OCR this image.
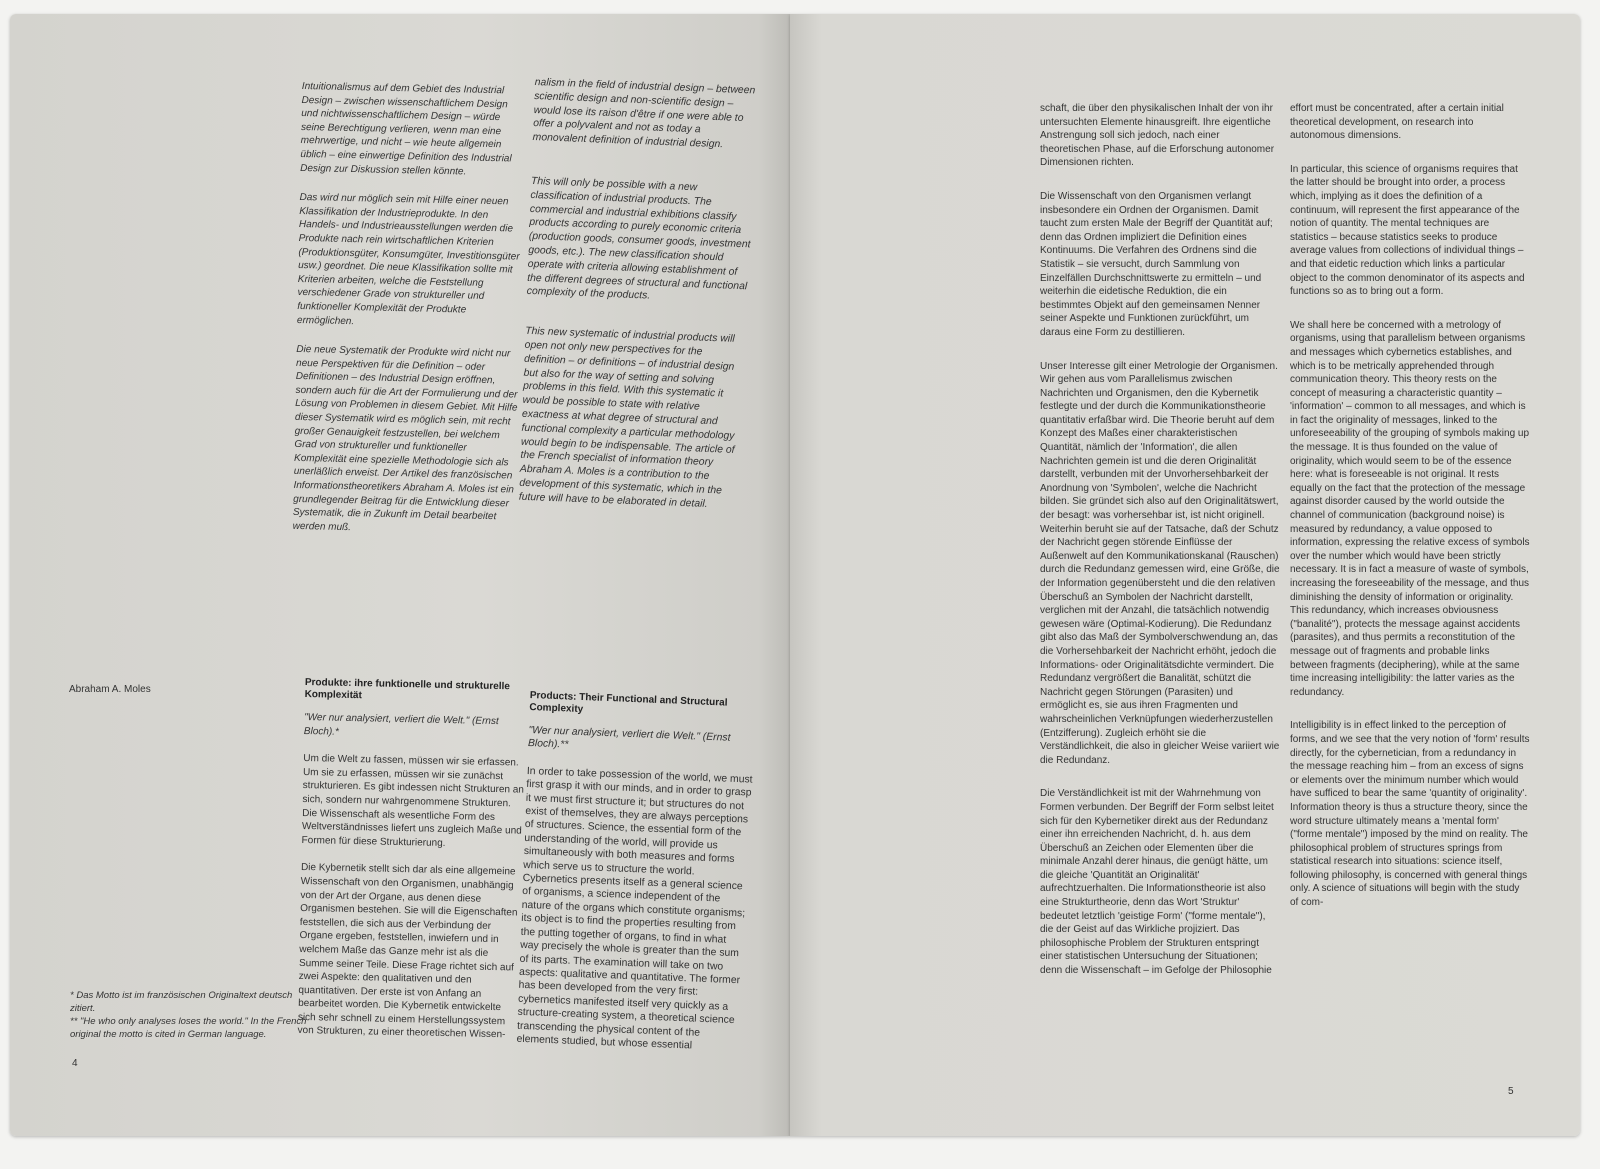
Intuitionalismus auf dem Gebiet des Industrial Design – zwischen wissenschaftlichem Design und nichtwissenschaftlichem Design – würde seine Berechtigung verlieren, wenn man eine mehrwertige, und nicht – wie heute allgemein üblich – eine einwertige Definition des Industrial Design zur Diskussion stellen könnte.

Das wird nur möglich sein mit Hilfe einer neuen Klassifikation der Industrieprodukte. In den Handels- und Industrieausstellungen werden die Produkte nach rein wirtschaftlichen Kriterien (Produktionsgüter, Konsumgüter, Investitionsgüter usw.) geordnet. Die neue Klassifikation sollte mit Kriterien arbeiten, welche die Feststellung verschiedener Grade von struktureller und funktioneller Komplexität der Produkte ermöglichen.

Die neue Systematik der Produkte wird nicht nur neue Perspektiven für die Definition – oder Definitionen – des Industrial Design eröffnen, sondern auch für die Art der Formulierung und der Lösung von Problemen in diesem Gebiet. Mit Hilfe dieser Systematik wird es möglich sein, mit recht großer Genauigkeit festzustellen, bei welchem Grad von struktureller und funktioneller Komplexität eine spezielle Methodologie sich als unerläßlich erweist. Der Artikel des französischen Informationstheoretikers Abraham A. Moles ist ein grundlegender Beitrag für die Entwicklung dieser Systematik, die in Zukunft im Detail bearbeitet werden muß.

nalism in the field of industrial design – between scientific design and non-scientific design – would lose its raison d'être if one were able to offer a polyvalent and not as today a monovalent definition of industrial design.

This will only be possible with a new classification of industrial products. The commercial and industrial exhibitions classify products according to purely economic criteria (production goods, consumer goods, investment goods, etc.). The new classification should operate with criteria allowing establishment of the different degrees of structural and functional complexity of the products.

This new systematic of industrial products will open not only new perspectives for the definition – or definitions – of industrial design but also for the way of setting and solving problems in this field. With this systematic it would be possible to state with relative exactness at what degree of structural and functional complexity a particular methodology would begin to be indispensable. The article of the French specialist of information theory Abraham A. Moles is a contribution to the development of this systematic, which in the future will have to be elaborated in detail.

Abraham A. Moles	Produkte: ihre funktionelle und strukturelle Komplexität

"Wer nur analysiert, verliert die Welt." (Ernst Bloch).*

Um die Welt zu fassen, müssen wir sie erfassen. Um sie zu erfassen, müssen wir sie zunächst strukturieren. Es gibt indessen nicht Strukturen an sich, sondern nur wahrgenommene Strukturen. Die Wissenschaft als wesentliche Form des Weltverständnisses liefert uns zugleich Maße und Formen für diese Strukturierung.

Die Kybernetik stellt sich dar als eine allgemeine Wissenschaft von den Organismen, unabhängig von der Art der Organe, aus denen diese Organismen bestehen. Sie will die Eigenschaften feststellen, die sich aus der Verbindung der Organe ergeben, feststellen, inwiefern und in welchem Maße das Ganze mehr ist als die Summe seiner Teile. Diese Frage richtet sich auf zwei Aspekte: den qualitativen und den quantitativen. Der erste ist von Anfang an bearbeitet worden. Die Kybernetik entwickelte sich sehr schnell zu einem Herstellungssystem von Strukturen, zu einer theoretischen Wissen-

Products: Their Functional and Structural Complexity

"Wer nur analysiert, verliert die Welt." (Ernst Bloch).**

In order to take possession of the world, we must first grasp it with our minds, and in order to grasp it we must first structure it; but structures do not exist of themselves, they are always perceptions of structures. Science, the essential form of the understanding of the world, will provide us simultaneously with both measures and forms which serve us to structure the world.

Cybernetics presents itself as a general science of organisms, a science independent of the nature of the organs which constitute organisms; its object is to find the properties resulting from the putting together of organs, to find in what way precisely the whole is greater than the sum of its parts. The examination will take on two aspects: qualitative and quantitative. The former has been developed from the very first: cybernetics manifested itself very quickly as a structure-creating system, a theoretical science transcending the physical content of the elements studied, but whose essential

* Das Motto ist im französischen Originaltext deutsch zitiert.
** "He who only analyses loses the world." In the French original the motto is cited in German language.
4

schaft, die über den physikalischen Inhalt der von ihr untersuchten Elemente hinausgreift. Ihre eigentliche Anstrengung soll sich jedoch, nach einer theoretischen Phase, auf die Erforschung autonomer Dimensionen richten.

Die Wissenschaft von den Organismen verlangt insbesondere ein Ordnen der Organismen. Damit taucht zum ersten Male der Begriff der Quantität auf; denn das Ordnen impliziert die Definition eines Kontinuums. Die Verfahren des Ordnens sind die Statistik – sie versucht, durch Sammlung von Einzelfällen Durchschnittswerte zu ermitteln – und weiterhin die eidetische Reduktion, die ein bestimmtes Objekt auf den gemeinsamen Nenner seiner Aspekte und Funktionen zurückführt, um daraus eine Form zu destillieren.

Unser Interesse gilt einer Metrologie der Organismen. Wir gehen aus vom Parallelismus zwischen Nachrichten und Organismen, den die Kybernetik festlegte und der durch die Kommunikationstheorie quantitativ erfaßbar wird. Die Theorie beruht auf dem Konzept des Maßes einer charakteristischen Quantität, nämlich der 'Information', die allen Nachrichten gemein ist und die deren Originalität darstellt, verbunden mit der Unvorhersehbarkeit der Anordnung von 'Symbolen', welche die Nachricht bilden. Sie gründet sich also auf den Originalitätswert, der besagt: was vorhersehbar ist, ist nicht originell. Weiterhin beruht sie auf der Tatsache, daß der Schutz der Nachricht gegen störende Einflüsse der Außenwelt auf den Kommunikationskanal (Rauschen) durch die Redundanz gemessen wird, eine Größe, die der Information gegenübersteht und die den relativen Überschuß an Symbolen der Nachricht darstellt, verglichen mit der Anzahl, die tatsächlich notwendig gewesen wäre (Optimal-Kodierung). Die Redundanz gibt also das Maß der Symbolverschwendung an, das die Vorhersehbarkeit der Nachricht erhöht, jedoch die Informations- oder Originalitätsdichte vermindert. Die Redundanz vergrößert die Banalität, schützt die Nachricht gegen Störungen (Parasiten) und ermöglicht es, sie aus ihren Fragmenten und wahrscheinlichen Verknüpfungen wiederherzustellen (Entzifferung). Zugleich erhöht sie die Verständlichkeit, die also in gleicher Weise variiert wie die Redundanz.

Die Verständlichkeit ist mit der Wahrnehmung von Formen verbunden. Der Begriff der Form selbst leitet sich für den Kybernetiker direkt aus der Redundanz einer ihn erreichenden Nachricht, d. h. aus dem Überschuß an Zeichen oder Elementen über die minimale Anzahl derer hinaus, die genügt hätte, um die gleiche 'Quantität an Originalität' aufrechtzuerhalten. Die Informationstheorie ist also eine Strukturtheorie, denn das Wort 'Struktur' bedeutet letztlich 'geistige Form' ("forme mentale"), die der Geist auf das Wirkliche projiziert. Das philosophische Problem der Strukturen entspringt einer statistischen Untersuchung der Situationen; denn die Wissenschaft – im Gefolge der Philosophie

effort must be concentrated, after a certain initial theoretical development, on research into autonomous dimensions.

In particular, this science of organisms requires that the latter should be brought into order, a process which, implying as it does the definition of a continuum, will represent the first appearance of the notion of quantity. The mental techniques are statistics – because statistics seeks to produce average values from collections of individual things – and that eidetic reduction which links a particular object to the common denominator of its aspects and functions so as to bring out a form.

We shall here be concerned with a metrology of organisms, using that parallelism between organisms and messages which cybernetics establishes, and which is to be metrically apprehended through communication theory. This theory rests on the concept of measuring a characteristic quantity – 'information' – common to all messages, and which is in fact the originality of messages, linked to the unforeseeability of the grouping of symbols making up the message. It is thus founded on the value of originality, which would seem to be of the essence here: what is foreseeable is not original. It rests equally on the fact that the protection of the message against disorder caused by the world outside the channel of communication (background noise) is measured by redundancy, a value opposed to information, expressing the relative excess of symbols over the number which would have been strictly necessary. It is in fact a measure of waste of symbols, increasing the foreseeability of the message, and thus diminishing the density of information or originality. This redundancy, which increases obviousness ("banalité"), protects the message against accidents (parasites), and thus permits a reconstitution of the message out of fragments and probable links between fragments (deciphering), while at the same time increasing intelligibility: the latter varies as the redundancy.

Intelligibility is in effect linked to the perception of forms, and we see that the very notion of 'form' results directly, for the cybernetician, from a redundancy in the message reaching him – from an excess of signs or elements over the minimum number which would have sufficed to bear the same 'quantity of originality'. Information theory is thus a structure theory, since the word structure ultimately means a 'mental form' ("forme mentale") imposed by the mind on reality. The philosophical problem of structures springs from statistical research into situations: science itself, following philosophy, is concerned with general things only. A science of situations will begin with the study of com-

5
